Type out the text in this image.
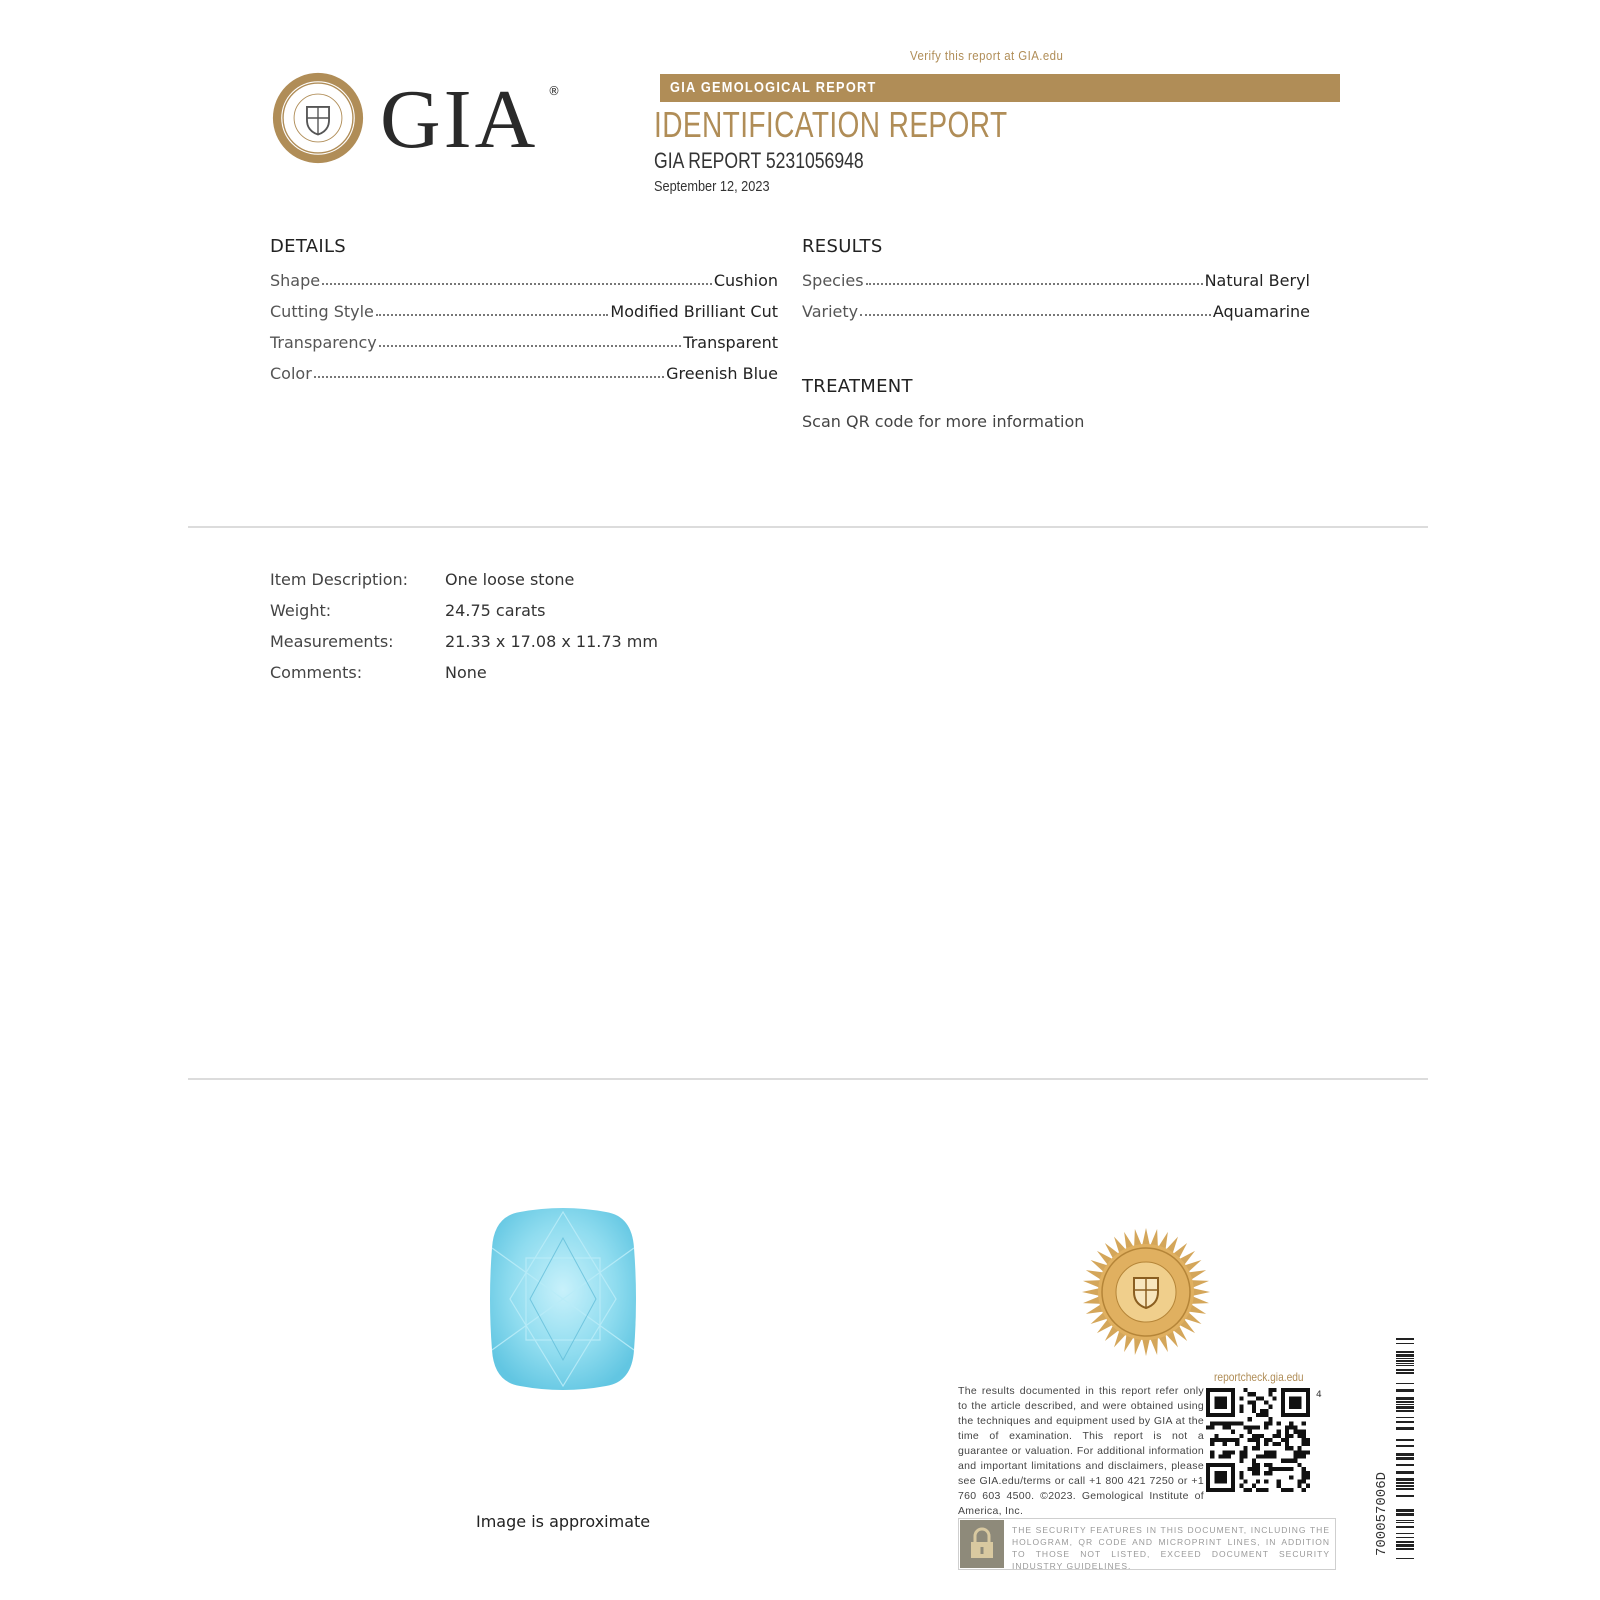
GIA ®
Verify this report at GIA.edu
GIA GEMOLOGICAL REPORT
IDENTIFICATION REPORT
GIA REPORT 5231056948
September 12, 2023
DETAILS
Shape	Cushion
Cutting Style	Modified Brilliant Cut
Transparency	Transparent
Color	Greenish Blue
RESULTS
Species	Natural Beryl
Variety	Aquamarine
TREATMENT
Scan QR code for more information
Item Description:	One loose stone
Weight:	24.75 carats
Measurements:	21.33 x 17.08 x 11.73 mm
Comments:	None
Image is approximate
reportcheck.gia.edu
The results documented in this report refer only to the article described, and were obtained using the techniques and equipment used by GIA at the time of examination. This report is not a guarantee or valuation. For additional information and important limitations and disclaimers, please see GIA.edu/terms or call +1 800 421 7250 or +1 760 603 4500. ©2023. Gemological Institute of America, Inc.
4
THE SECURITY FEATURES IN THIS DOCUMENT, INCLUDING THE HOLOGRAM, QR CODE AND MICROPRINT LINES, IN ADDITION TO THOSE NOT LISTED, EXCEED DOCUMENT SECURITY INDUSTRY GUIDELINES.
700057006D
